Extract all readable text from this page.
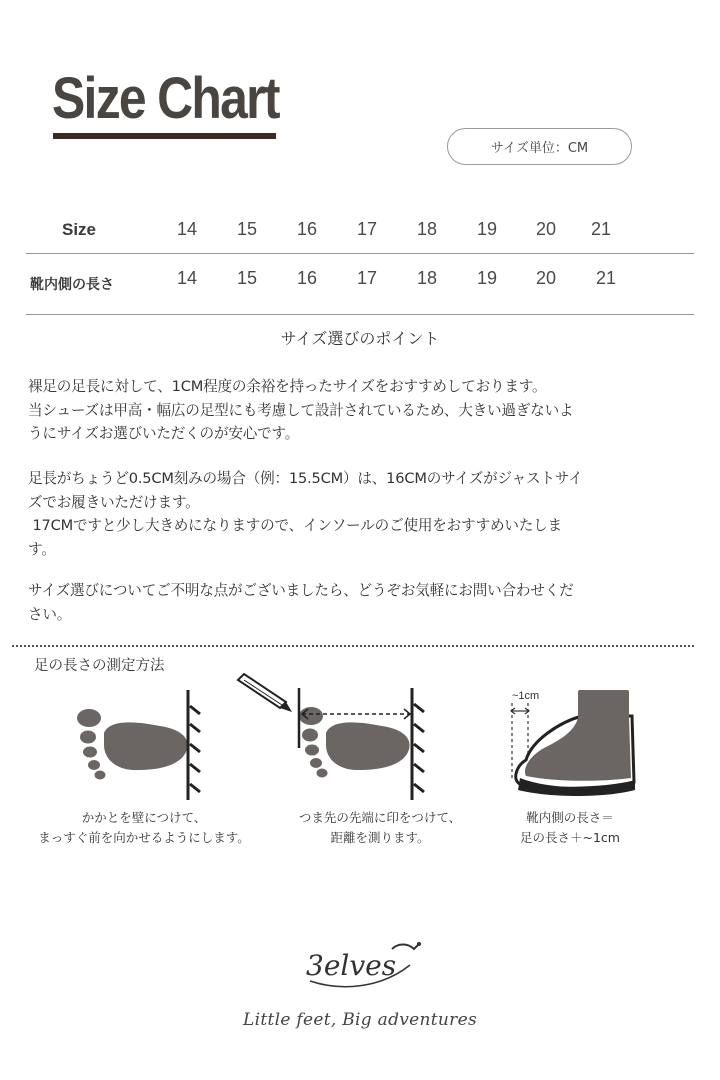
Size Chart
サイズ単位：CM
Size	14 15 16 17 18 19 20 21
靴内側の長さ	14 15 16 17 18 19 20 21
サイズ選びのポイント
裸足の足長に対して、1CM程度の余裕を持ったサイズをおすすめしております。
当シューズは甲高・幅広の足型にも考慮して設計されているため、大きい過ぎないよ
うにサイズお選びいただくのが安心です。
足長がちょうど0.5CM刻みの場合（例：15.5CM）は、16CMのサイズがジャストサイ
ズでお履きいただけます。
17CMですと少し大きめになりますので、インソールのご使用をおすすめいたしま
す。
サイズ選びについてご不明な点がございましたら、どうぞお気軽にお問い合わせくだ
さい。
足の長さの測定方法
~1cm
かかとを壁につけて、
まっすぐ前を向かせるようにします。
つま先の先端に印をつけて、
距離を測ります。
靴内側の長さ＝
足の長さ＋~1cm
3elves
Little feet, Big adventures
